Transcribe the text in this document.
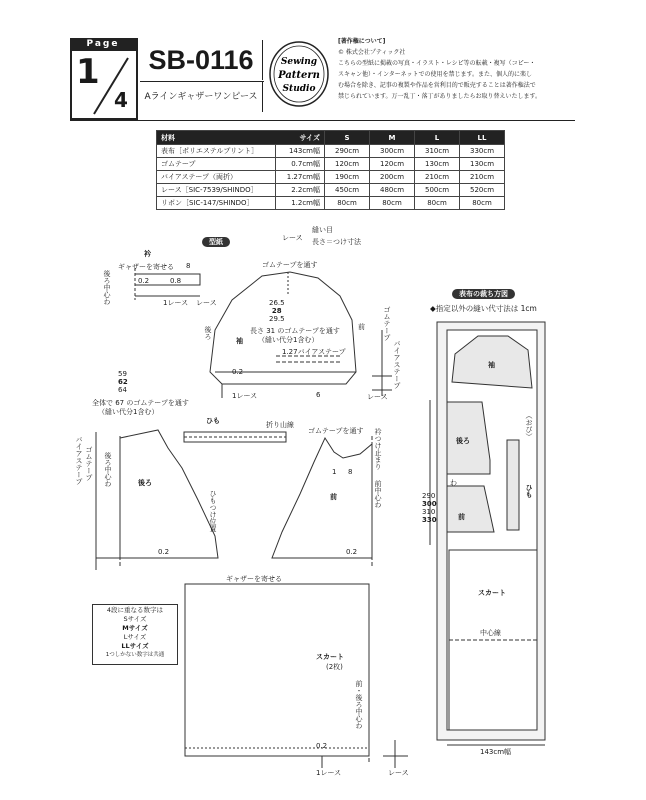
Page
1
4
SB-0116
Aラインギャザーワンピース
Sewing
Pattern
Studio
[著作権について]
© 株式会社プティック社
こちらの型紙に掲載の写真・イラスト・レシピ等の転載・複写（コピー・
スキャン他）・インターネットでの使用を禁じます。また、個人的に楽し
む場合を除き、記事の複製や作品を営利目的で販売することは著作権法で
禁じられています。万一乱丁・落丁がありましたらお取り替えいたします。
材料 サイズ		S	M	L	LL
表布［ポリエステルプリント］	143cm幅	290cm	300cm	310cm	330cm
ゴムテープ	0.7cm幅	120cm	120cm	130cm	130cm
バイアステープ（両折）	1.27cm幅	190cm	200cm	210cm	210cm
レース［SIC-7539/SHINDO］	2.2cm幅	450cm	480cm	500cm	520cm
リボン［SIC-147/SHINDO］	1.2cm幅	80cm	80cm	80cm	80cm
型紙	レース
縫い目
長さ＝つけ寸法
衿
ギャザーを寄せる 8
後ろ中心わ	0.2	0.8
1レース レース
ゴムテープを通す
26.5
28
29.5
長さ 31 のゴムテープを通す
（縫い代分1含む）
1.27バイアステープ
袖
後ろ	前
0.2
1レース	6
ゴムテープ
バイアステープ
レース
59
62
64
全体で 67 のゴムテープを通す
（縫い代分1含む）
バイアステープ ゴムテープ 後ろ中心わ	後ろ
0.2
ひもつけ位置
ひも	折り山線
ゴムテープを通す 衿つけ止まり
前中心わ
前
0.2
1 8
ギャザーを寄せる
スカート
(2枚)
前・後ろ中心わ
0.2
1レース	レース
4段に重なる数字は
Sサイズ
Mサイズ
Lサイズ
LLサイズ
1つしかない数字は共通
表布の裁ち方図
◆指定以外の縫い代寸法は 1cm
袖
後ろ
前
ひも
（おび）
わ
スカート
中心線
143cm幅
290
300
310
330
